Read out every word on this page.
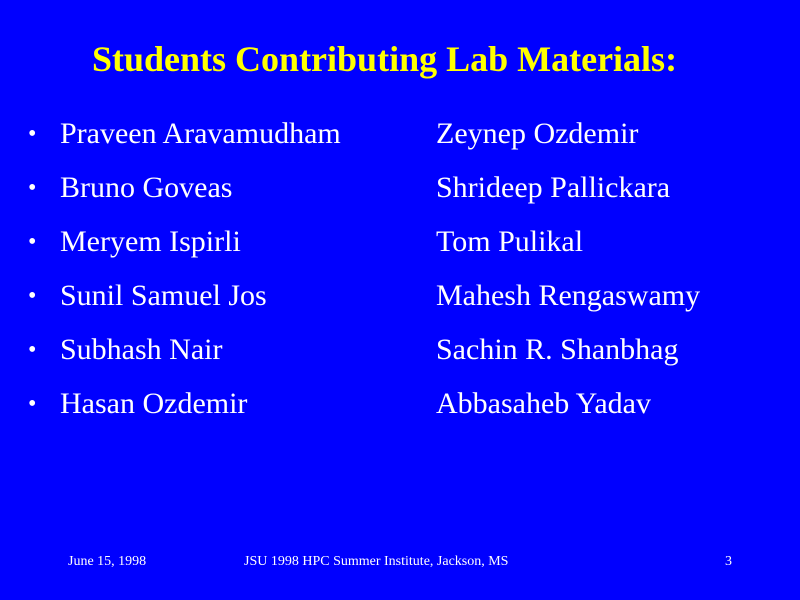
Students Contributing Lab Materials:
• Praveen Aravamudham	Zeynep Ozdemir
• Bruno Goveas	Shrideep Pallickara
• Meryem Ispirli	Tom Pulikal
• Sunil Samuel Jos	Mahesh Rengaswamy
• Subhash Nair	Sachin R. Shanbhag
• Hasan Ozdemir	Abbasaheb Yadav
June 15, 1998	JSU 1998 HPC Summer Institute, Jackson, MS	3
